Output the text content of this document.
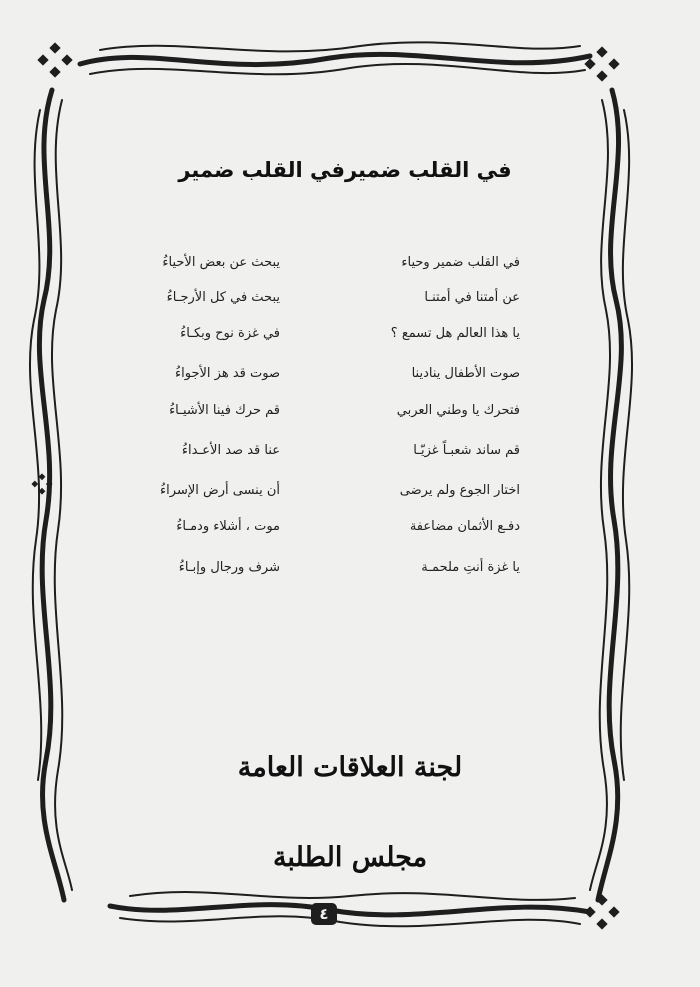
في القلب ضميرفي القلب ضمير
في القلب ضمير وحياء
يبحث عن بعض الأحياءُ
عن أمتنا في أمتنـا
يبحث في كل الأرجـاءُ
يا هذا العالم هل تسمع ؟
في غزة نوح وبكـاءُ
صوت الأطفال ينادينا
صوت قد هز الأجواءُ
فتحرك يا وطني العربي
قم حرك فينا الأشيـاءُ
قم ساند شعبـاً غزيّـا
عنا قد صد الأعـداءُ
اختار الجوع ولم يرضى
أن ينسى أرض الإسراءُ
دفـع الأثمان مضاعفة
موت ، أشلاء ودمـاءُ
يا غزة أنتِ ملحمـة
شرف ورجال وإبـاءُ
لجنة العلاقات العامة
مجلس الطلبة
٤
